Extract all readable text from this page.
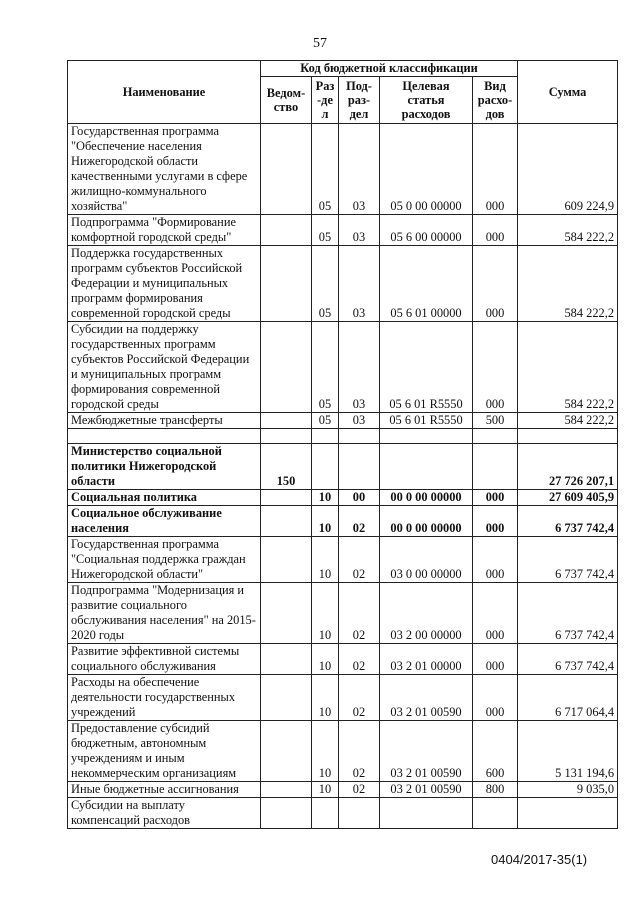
57
Наименование	Код бюджетной классификации					Сумма
	Ведом-ство	Раз-дел	Под-раз-дел	Целевая статья расходов	Вид расхо-дов	
Государственная программа "Обеспечение населения Нижегородской области качественными услугами в сфере жилищно-коммунального хозяйства"		05	03	05 0 00 00000	000	609 224,9
Подпрограмма "Формирование комфортной городской среды"		05	03	05 6 00 00000	000	584 222,2
Поддержка государственных программ субъектов Российской Федерации и муниципальных программ формирования современной городской среды		05	03	05 6 01 00000	000	584 222,2
Субсидии на поддержку государственных программ субъектов Российской Федерации и муниципальных программ формирования современной городской среды		05	03	05 6 01 R5550	000	584 222,2
Межбюджетные трансферты		05	03	05 6 01 R5550	500	584 222,2

Министерство социальной политики Нижегородской области	150					27 726 207,1
Социальная политика		10	00	00 0 00 00000	000	27 609 405,9
Социальное обслуживание населения		10	02	00 0 00 00000	000	6 737 742,4
Государственная программа "Социальная поддержка граждан Нижегородской области"		10	02	03 0 00 00000	000	6 737 742,4
Подпрограмма "Модернизация и развитие социального обслуживания населения" на 2015-2020 годы		10	02	03 2 00 00000	000	6 737 742,4
Развитие эффективной системы социального обслуживания		10	02	03 2 01 00000	000	6 737 742,4
Расходы на обеспечение деятельности государственных учреждений		10	02	03 2 01 00590	000	6 717 064,4
Предоставление субсидий бюджетным, автономным учреждениям и иным некоммерческим организациям		10	02	03 2 01 00590	600	5 131 194,6
Иные бюджетные ассигнования		10	02	03 2 01 00590	800	9 035,0
Субсидии на выплату компенсаций расходов						
0404/2017-35(1)
